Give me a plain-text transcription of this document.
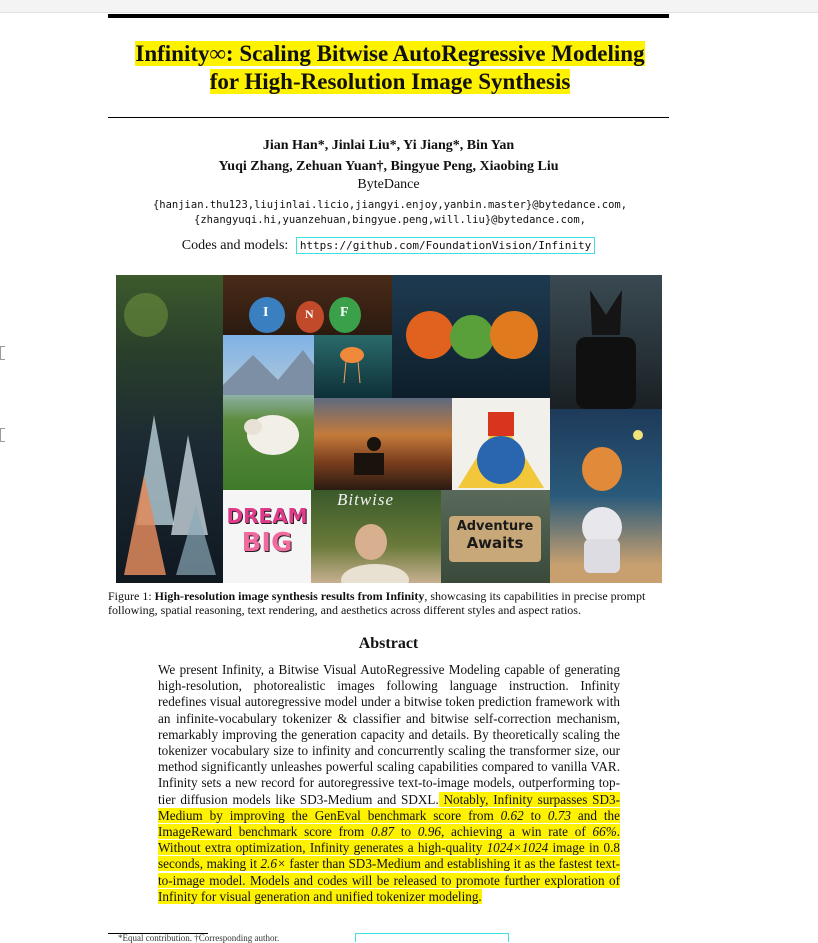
Infinity∞: Scaling Bitwise AutoRegressive Modeling
for High-Resolution Image Synthesis
Jian Han*, Jinlai Liu*, Yi Jiang*, Bin Yan
Yuqi Zhang, Zehuan Yuan†, Bingyue Peng, Xiaobing Liu
ByteDance
{hanjian.thu123,liujinlai.licio,jiangyi.enjoy,yanbin.master}@bytedance.com,
{zhangyuqi.hi,yuanzehuan,bingyue.peng,will.liu}@bytedance.com,
Codes and models: https://github.com/FoundationVision/Infinity
I	N F
DREAM
BIG
Bitwise
Adventure
Awaits
Figure 1: High-resolution image synthesis results from Infinity, showcasing its capabilities in precise prompt following, spatial reasoning, text rendering, and aesthetics across different styles and aspect ratios.
Abstract
We present Infinity, a Bitwise Visual AutoRegressive Modeling capable of generating high-resolution, photorealistic images following language instruction. Infinity redefines visual autoregressive model under a bitwise token prediction framework with an infinite-vocabulary tokenizer & classifier and bitwise self-correction mechanism, remarkably improving the generation capacity and details. By theoretically scaling the tokenizer vocabulary size to infinity and concurrently scaling the transformer size, our method significantly unleashes powerful scaling capabilities compared to vanilla VAR. Infinity sets a new record for autoregressive text-to-image models, outperforming top-tier diffusion models like SD3-Medium and SDXL. Notably, Infinity surpasses SD3-Medium by improving the GenEval benchmark score from 0.62 to 0.73 and the ImageReward benchmark score from 0.87 to 0.96, achieving a win rate of 66%. Without extra optimization, Infinity generates a high-quality 1024×1024 image in 0.8 seconds, making it 2.6× faster than SD3-Medium and establishing it as the fastest text-to-image model. Models and codes will be released to promote further exploration of Infinity for visual generation and unified tokenizer modeling.
*Equal contribution. †Corresponding author.
